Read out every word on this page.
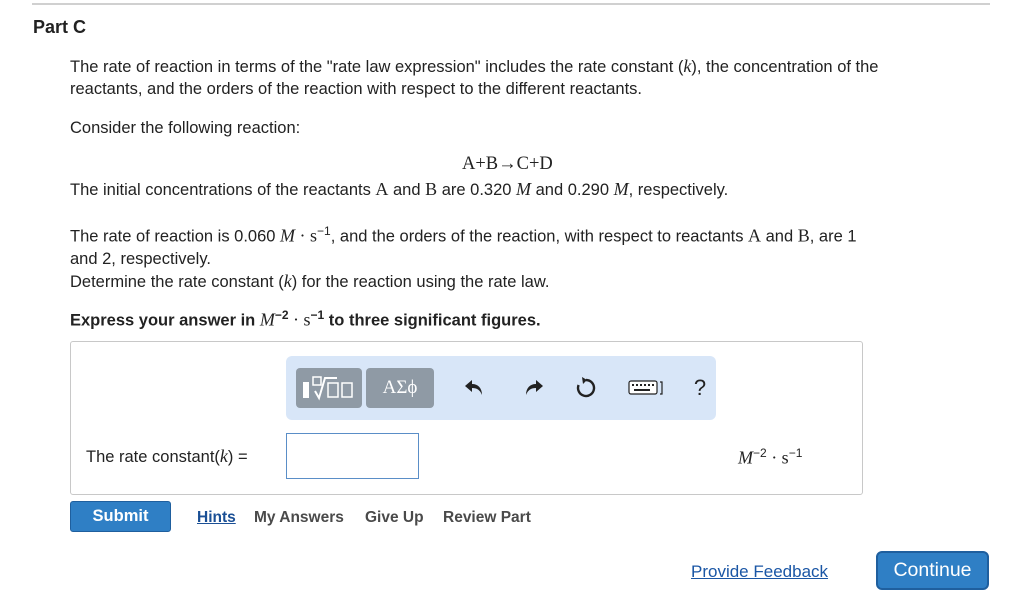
Part C
The rate of reaction in terms of the "rate law expression" includes the rate constant (k), the concentration of the
reactants, and the orders of the reaction with respect to the different reactants.
Consider the following reaction:
A+B→C+D
The initial concentrations of the reactants A and B are 0.320 M and 0.290 M, respectively.
The rate of reaction is 0.060 $M \cdot s^{-1}$, and the orders of the reaction, with respect to reactants A and B, are 1
and 2, respectively.
Determine the rate constant (k) for the reaction using the rate law.
Express your answer in $M^{-2} \cdot s^{-1}$ to three significant figures.
ΑΣϕ	?
The rate constant(k) =	$M^{-2} \cdot s^{-1}$
Submit	Hints My Answers Give Up Review Part
Provide Feedback	Continue
